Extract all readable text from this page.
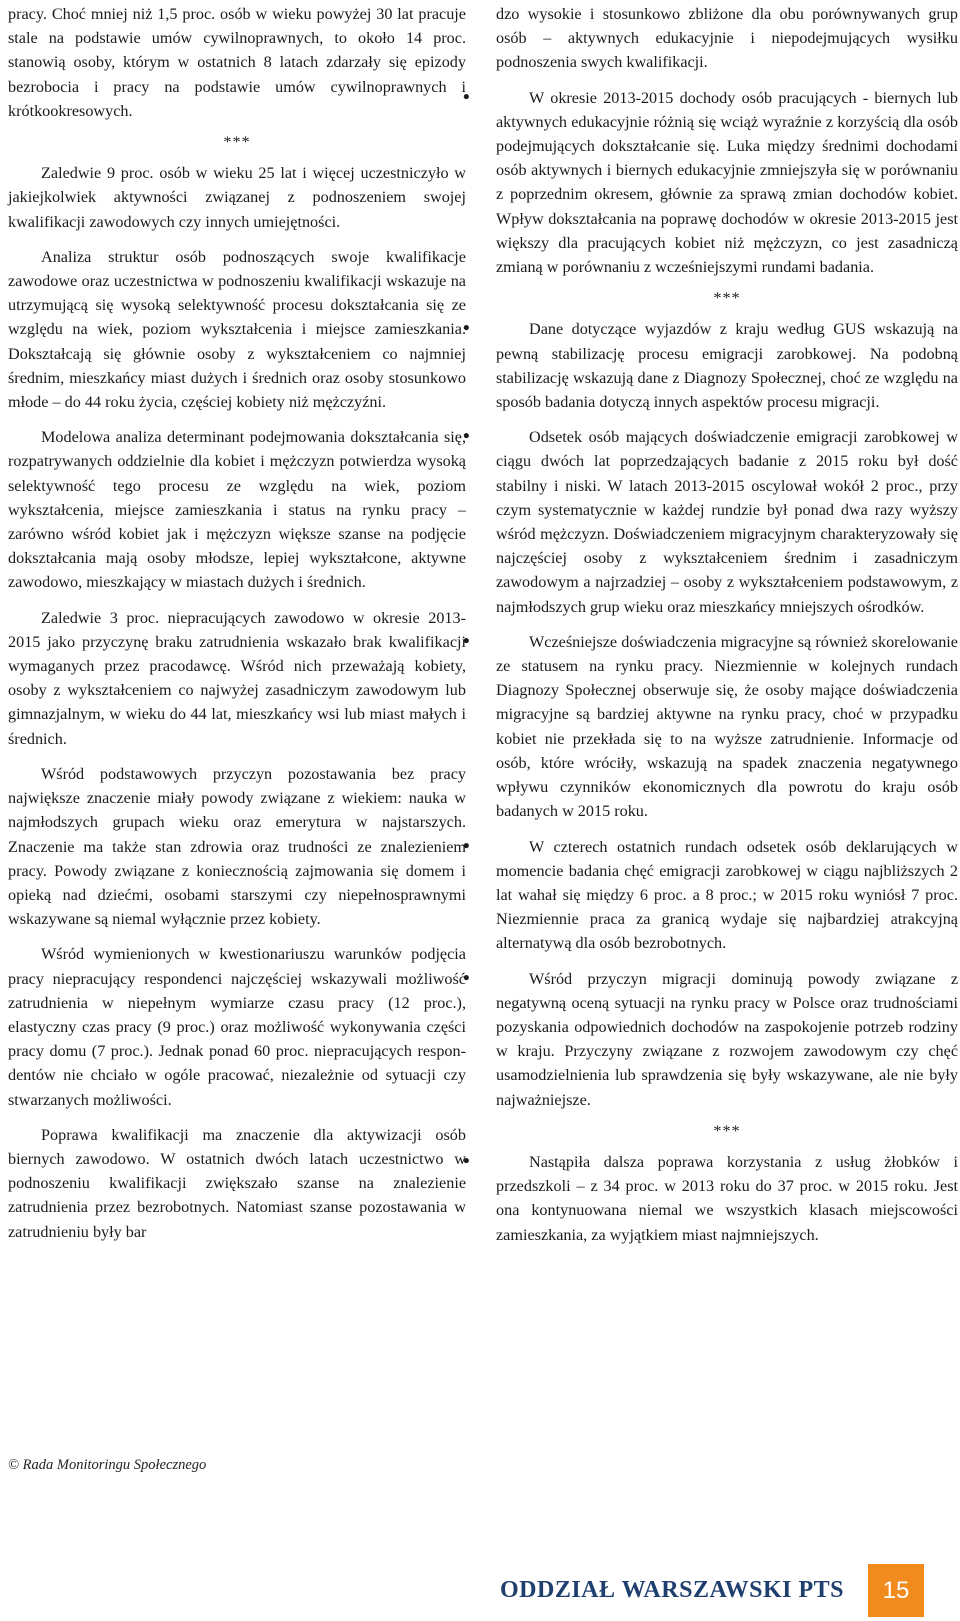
pracy. Choć mniej niż 1,5 proc. osób w wieku powyżej 30 lat pracuje stale na podstawie umów cywilnoprawnych, to około 14 proc. stanowią osoby, którym w ostatnich 8 latach zdarzały się epizody bezrobocia i pracy na podstawie umów cywilnoprawnych i krótkookresowych.

***

• Zaledwie 9 proc. osób w wieku 25 lat i więcej uczestniczyło w jakiejkolwiek aktywności związanej z podnoszeniem swojej kwalifikacji zawodowych czy innych umiejętności.

• Analiza struktur osób podnoszących swoje kwalifikacje zawodowe oraz uczestnictwa w podnoszeniu kwalifikacji wskazuje na utrzymującą się wysoką selektywność procesu dokształcania się ze względu na wiek, poziom wykształcenia i miejsce zamieszkania. Dokształcają się głównie osoby z wykształceniem co najmniej średnim, mieszkańcy miast dużych i średnich oraz osoby stosunkowo młode – do 44 roku życia, częściej kobiety niż mężczyźni.

• Modelowa analiza determinant podejmowania dokształcania się, rozpatrywanych oddzielnie dla kobiet i mężczyzn potwierdza wysoką selektywność tego procesu ze względu na wiek, poziom wykształcenia, miejsce zamieszkania i status na rynku pracy – zarówno wśród kobiet jak i mężczyzn większe szanse na podjęcie dokształcania mają osoby młodsze, lepiej wykształcone, aktywne zawodowo, mieszkający w miastach dużych i średnich.

• Zaledwie 3 proc. niepracujących zawodowo w okresie 2013-2015 jako przyczynę braku zatrudnienia wskazało brak kwalifikacji wymaganych przez pracodawcę. Wśród nich przeważają kobiety, osoby z wykształceniem co najwyżej zasadniczym zawodowym lub gimnazjalnym, w wieku do 44 lat, mieszkańcy wsi lub miast małych i średnich.

• Wśród podstawowych przyczyn pozostawania bez pracy największe znaczenie miały powody związane z wiekiem: nauka w najmłodszych grupach wieku oraz emerytura w najstarszych. Znaczenie ma także stan zdrowia oraz trudności ze znalezieniem pracy. Powody związane z koniecznością zajmowania się domem i opieką nad dziećmi, osobami starszymi czy niepełnosprawnymi wskazywane są niemal wyłącznie przez kobiety.

• Wśród wymienionych w kwestionariuszu warunków podjęcia pracy niepracujący respondenci najczęściej wskazywali możliwość zatrudnienia w niepełnym wymiarze czasu pracy (12 proc.), elastyczny czas pracy (9 proc.) oraz możliwość wykonywania części pracy domu (7 proc.). Jednak ponad 60 proc. niepracujących respondentów nie chciało w ogóle pracować, niezależnie od sytuacji czy stwarzanych możliwości.

• Poprawa kwalifikacji ma znaczenie dla aktywizacji osób biernych zawodowo. W ostatnich dwóch latach uczestnictwo w podnoszeniu kwalifikacji zwiększało szanse na znalezienie zatrudnienia przez bezrobotnych. Natomiast szanse pozostawania w zatrudnieniu były bar

dzo wysokie i stosunkowo zbliżone dla obu porównywanych grup osób – aktywnych edukacyjnie i niepodejmujących wysiłku podnoszenia swych kwalifikacji.

• W okresie 2013-2015 dochody osób pracujących - biernych lub aktywnych edukacyjnie różnią się wciąż wyraźnie z korzyścią dla osób podejmujących dokształcanie się. Luka między średnimi dochodami osób aktywnych i biernych edukacyjnie zmniejszyła się w porównaniu z poprzednim okresem, głównie za sprawą zmian dochodów kobiet. Wpływ dokształcania na poprawę dochodów w okresie 2013-2015 jest większy dla pracujących kobiet niż mężczyzn, co jest zasadniczą zmianą w porównaniu z wcześniejszymi rundami badania.

***

• Dane dotyczące wyjazdów z kraju według GUS wskazują na pewną stabilizację procesu emigracji zarobkowej. Na podobną stabilizację wskazują dane z Diagnozy Społecznej, choć ze względu na sposób badania dotyczą innych aspektów procesu migracji.

• Odsetek osób mających doświadczenie emigracji zarobkowej w ciągu dwóch lat poprzedzających badanie z 2015 roku był dość stabilny i niski. W latach 2013-2015 oscylował wokół 2 proc., przy czym systematycznie w każdej rundzie był ponad dwa razy wyższy wśród mężczyzn. Doświadczeniem migracyjnym charakteryzowały się najczęściej osoby z wykształceniem średnim i zasadniczym zawodowym a najrzadziej – osoby z wykształceniem podstawowym, z najmłodszych grup wieku oraz mieszkańcy mniejszych ośrodków.

• Wcześniejsze doświadczenia migracyjne są również skorelowanie ze statusem na rynku pracy. Niezmiennie w kolejnych rundach Diagnozy Społecznej obserwuje się, że osoby mające doświadczenia migracyjne są bardziej aktywne na rynku pracy, choć w przypadku kobiet nie przekłada się to na wyższe zatrudnienie. Informacje od osób, które wróciły, wskazują na spadek znaczenia negatywnego wpływu czynników ekonomicznych dla powrotu do kraju osób badanych w 2015 roku.

• W czterech ostatnich rundach odsetek osób deklarujących w momencie badania chęć emigracji zarobkowej w ciągu najbliższych 2 lat wahał się między 6 proc. a 8 proc.; w 2015 roku wyniósł 7 proc. Niezmiennie praca za granicą wydaje się najbardziej atrakcyjną alternatywą dla osób bezrobotnych.

• Wśród przyczyn migracji dominują powody związane z negatywną oceną sytuacji na rynku pracy w Polsce oraz trudnościami pozyskania odpowiednich dochodów na zaspokojenie potrzeb rodziny w kraju. Przyczyny związane z rozwojem zawodowym czy chęć usamodzielnienia lub sprawdzenia się były wskazywane, ale nie były najważniejsze.

***

• Nastąpiła dalsza poprawa korzystania z usług żłobków i przedszkoli – z 34 proc. w 2013 roku do 37 proc. w 2015 roku. Jest ona kontynuowana niemal we wszystkich klasach miejscowości zamieszkania, za wyjątkiem miast najmniejszych.

© Rada Monitoringu Społecznego
ODDZIAŁ WARSZAWSKI PTS	15
